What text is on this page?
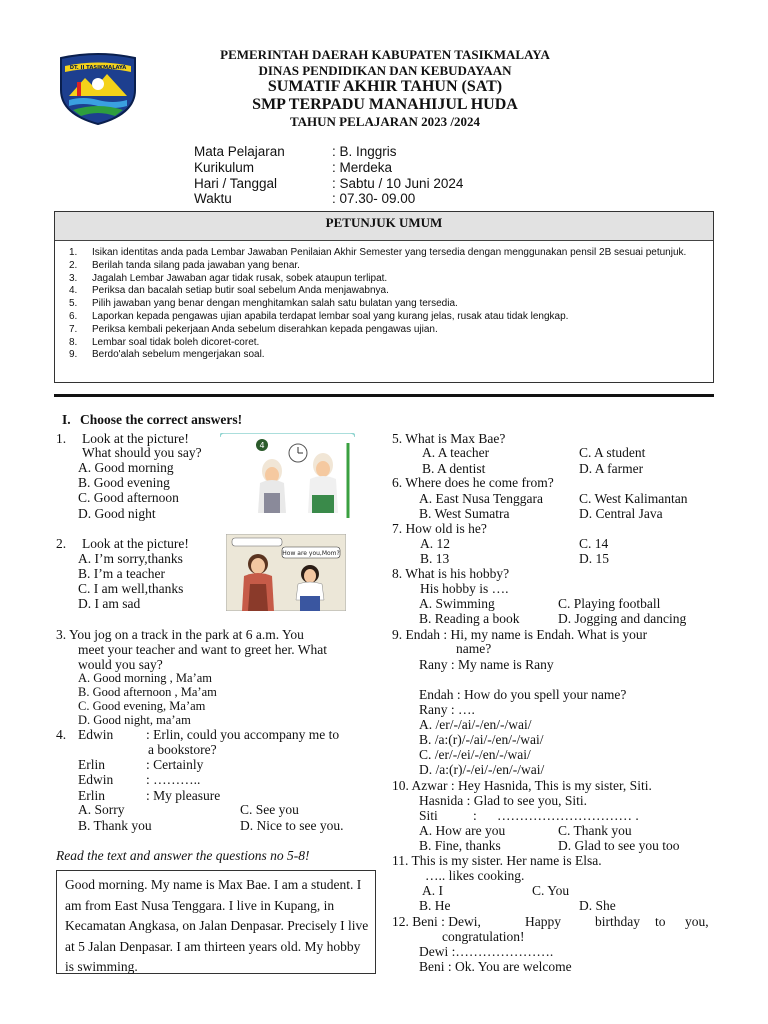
DT. II TASIKMALAYA
PEMERINTAH DAERAH KABUPATEN TASIKMALAYA
DINAS PENDIDIKAN DAN KEBUDAYAAN
SUMATIF AKHIR TAHUN (SAT)
SMP TERPADU MANAHIJUL HUDA
TAHUN PELAJARAN 2023 /2024
Mata Pelajaran	: B. Inggris
Kurikulum	: Merdeka
Hari / Tanggal	: Sabtu / 10 Juni 2024
Waktu	: 07.30- 09.00
PETUNJUK UMUM
1. Isikan identitas anda pada Lembar Jawaban Penilaian Akhir Semester yang tersedia dengan menggunakan pensil 2B sesuai petunjuk.
2. Berilah tanda silang pada jawaban yang benar.
3. Jagalah Lembar Jawaban agar tidak rusak, sobek ataupun terlipat.
4. Periksa dan bacalah setiap butir soal sebelum Anda menjawabnya.
5. Pilih jawaban yang benar dengan menghitamkan salah satu bulatan yang tersedia.
6. Laporkan kepada pengawas ujian apabila terdapat lembar soal yang kurang jelas, rusak atau tidak lengkap.
7. Periksa kembali pekerjaan Anda sebelum diserahkan kepada pengawas ujian.
8. Lembar soal tidak boleh dicoret-coret.
9. Berdo'alah sebelum mengerjakan soal.
I. Choose the correct answers!
1. Look at the picture!
What should you say?
A. Good morning
B. Good evening
C. Good afternoon
D. Good night
4
2. Look at the picture!
A. I’m sorry,thanks
B. I’m a teacher
C. I am well,thanks
D. I am sad
How are you,Mom?
3. You jog on a track in the park at 6 a.m. You
meet your teacher and want to greet her. What
would you say?
A. Good morning , Ma’am
B. Good afternoon , Ma’am
C. Good evening, Ma’am
D. Good night, ma’am
4. Edwin : Erlin, could you accompany me to
a bookstore?
Erlin	: Certainly
Edwin : ………..
Erlin	: My pleasure
A. Sorry
B. Thank you
C. See you
D. Nice to see you.
Read the text and answer the questions no 5-8!
Good morning. My name is Max Bae. I am a student. I am from East Nusa Tenggara. I live in Kupang, in Kecamatan Angkasa, on Jalan Denpasar. Precisely I live at 5 Jalan Denpasar. I am thirteen years old. My hobby is swimming.
5. What is Max Bae?
A. A teacher
B. A dentist
C. A student
D. A farmer
6. Where does he come from?
A. East Nusa Tenggara
B. West Sumatra
C. West Kalimantan
D. Central Java
7. How old is he?
A. 12
B. 13
C. 14
D. 15
8. What is his hobby?
His hobby is ….
A. Swimming
B. Reading a book
C. Playing football
D. Jogging and dancing
9. Endah : Hi, my name is Endah. What is your
name?
Rany : My name is Rany
Endah : How do you spell your name?
Rany : ….
A. /er/-/ai/-/en/-/wai/
B. /a:(r)/-/ai/-/en/-/wai/
C. /er/-/ei/-/en/-/wai/
D. /a:(r)/-/ei/-/en/-/wai/
10. Azwar : Hey Hasnida, This is my sister, Siti.
Hasnida : Glad to see you, Siti.
Siti	: ………………………… .
A. How are you
B. Fine, thanks
C. Thank you
D. Glad to see you too
11. This is my sister. Her name is Elsa.
….. likes cooking.
A. I
B. He
C. You
D. She
12. Beni : Dewi,	Happy	birthday to you,
congratulation!
Dewi :………………….
Beni : Ok. You are welcome
